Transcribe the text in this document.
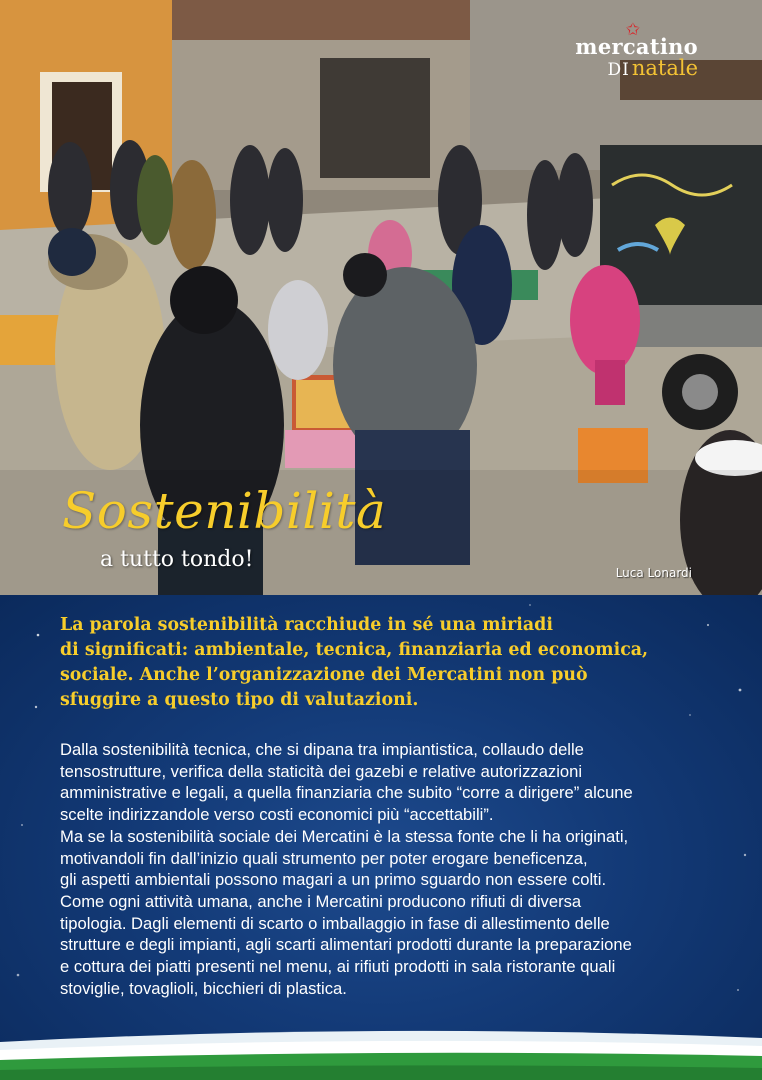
✩
mercatino
DInatale
Sostenibilità
a tutto tondo!
Luca Lonardi

La parola sostenibilità racchiude in sé una miriadi
di significati: ambientale, tecnica, finanziaria ed economica,
sociale. Anche l’organizzazione dei Mercatini non può
sfuggire a questo tipo di valutazioni.

Dalla sostenibilità tecnica, che si dipana tra impiantistica, collaudo delle
tensostrutture, verifica della staticità dei gazebi e relative autorizzazioni
amministrative e legali, a quella finanziaria che subito “corre a dirigere” alcune
scelte indirizzandole verso costi economici più “accettabili”.
Ma se la sostenibilità sociale dei Mercatini è la stessa fonte che li ha originati,
motivandoli fin dall’inizio quali strumento per poter erogare beneficenza,
gli aspetti ambientali possono magari a un primo sguardo non essere colti.
Come ogni attività umana, anche i Mercatini producono rifiuti di diversa
tipologia. Dagli elementi di scarto o imballaggio in fase di allestimento delle
strutture e degli impianti, agli scarti alimentari prodotti durante la preparazione
e cottura dei piatti presenti nel menu, ai rifiuti prodotti in sala ristorante quali
stoviglie, tovaglioli, bicchieri di plastica.
